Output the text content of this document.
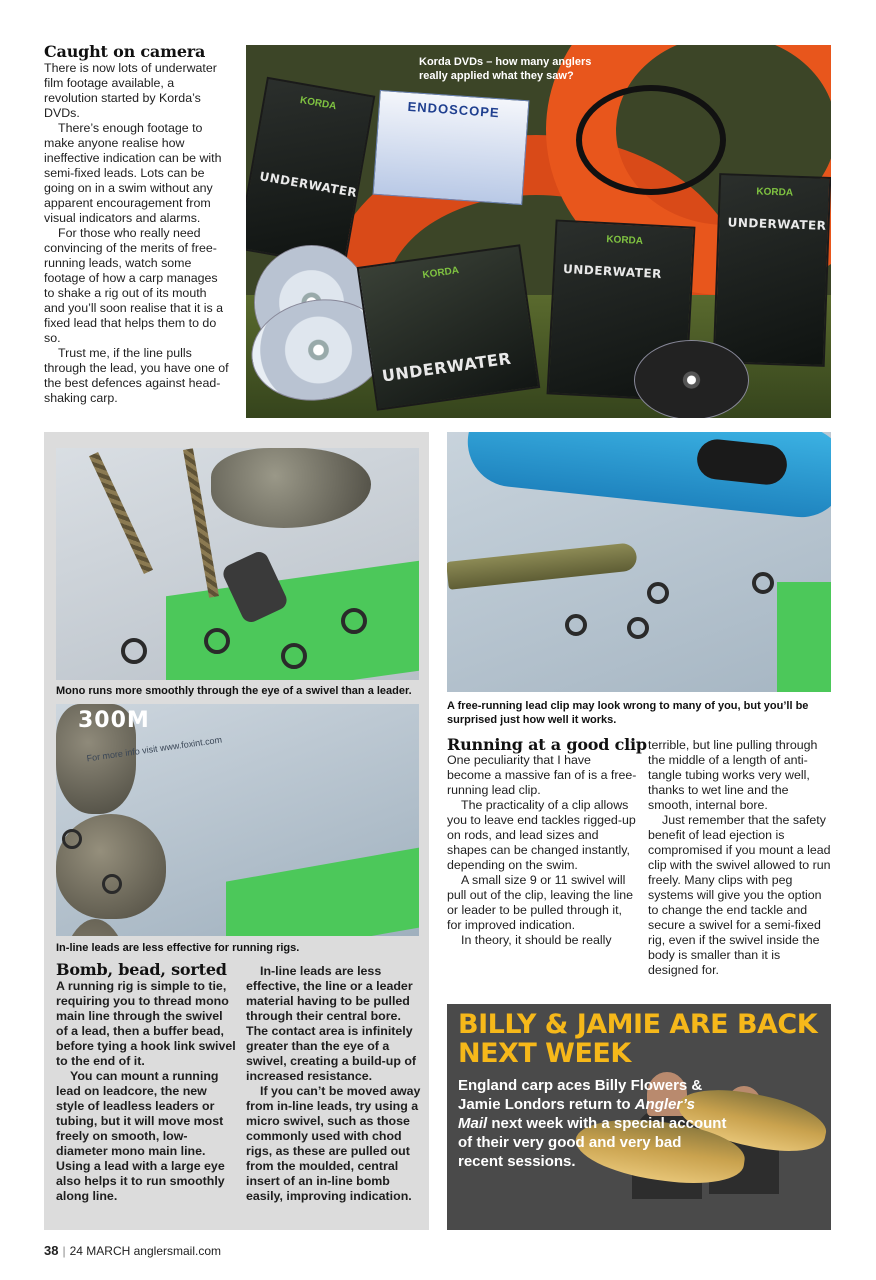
Caught on camera

There is now lots of underwater film footage available, a revolution started by Korda’s DVDs.

There’s enough footage to make anyone realise how ineffective indication can be with semi-fixed leads. Lots can be going on in a swim without any apparent encouragement from visual indicators and alarms.

For those who really need convincing of the merits of free-running leads, watch some footage of how a carp manages to shake a rig out of its mouth and you’ll soon realise that it is a fixed lead that helps them to do so.

Trust me, if the line pulls through the lead, you have one of the best defences against head-shaking carp.

ENDOSCOPE
KORDA
UNDERWATER
KORDA
UNDERWATER
KORDA
UNDERWATER
KORDA
UNDERWATER
Korda DVDs – how many anglers really applied what they saw?
Mono runs more smoothly through the eye of a swivel than a leader.
300M
For more info visit www.foxint.com
In-line leads are less effective for running rigs.
Bomb, bead, sorted

A running rig is simple to tie, requiring you to thread mono main line through the swivel of a lead, then a buffer bead, before tying a hook link swivel to the end of it.

You can mount a running lead on leadcore, the new style of leadless leaders or tubing, but it will move most freely on smooth, low-diameter mono main line. Using a lead with a large eye also helps it to run smoothly along line.

In-line leads are less effective, the line or a leader material having to be pulled through their central bore. The contact area is infinitely greater than the eye of a swivel, creating a build-up of increased resistance.

If you can’t be moved away from in-line leads, try using a micro swivel, such as those commonly used with chod rigs, as these are pulled out from the moulded, central insert of an in-line bomb easily, improving indication.

A free-running lead clip may look wrong to many of you, but you’ll be surprised just how well it works.
Running at a good clip

One peculiarity that I have become a massive fan of is a free-running lead clip.

The practicality of a clip allows you to leave end tackles rigged-up on rods, and lead sizes and shapes can be changed instantly, depending on the swim.

A small size 9 or 11 swivel will pull out of the clip, leaving the line or leader to be pulled through it, for improved indication.

In theory, it should be really

terrible, but line pulling through the middle of a length of anti-tangle tubing works very well, thanks to wet line and the smooth, internal bore.

Just remember that the safety benefit of lead ejection is compromised if you mount a lead clip with the swivel allowed to run freely. Many clips with peg systems will give you the option to change the end tackle and secure a swivel for a semi-fixed rig, even if the swivel inside the body is smaller than it is designed for.

BILLY & JAMIE ARE BACK NEXT WEEK
England carp aces Billy Flowers & Jamie Londors return to Angler’s Mail next week with a special account of their very good and very bad recent sessions.
38 | 24 MARCH anglersmail.com
